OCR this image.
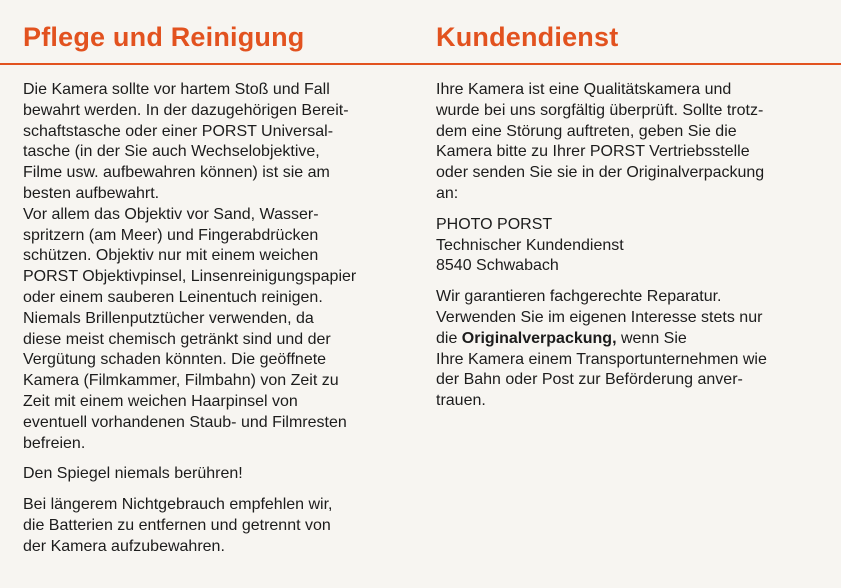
Pflege und Reinigung	Kundendienst

Die Kamera sollte vor hartem Stoß und Fall
bewahrt werden. In der dazugehörigen Bereit-
schaftstasche oder einer PORST Universal-
tasche (in der Sie auch Wechselobjektive,
Filme usw. aufbewahren können) ist sie am
besten aufbewahrt.

Vor allem das Objektiv vor Sand, Wasser-
spritzern (am Meer) und Fingerabdrücken
schützen. Objektiv nur mit einem weichen
PORST Objektivpinsel, Linsenreinigungspapier
oder einem sauberen Leinentuch reinigen.
Niemals Brillenputztücher verwenden, da
diese meist chemisch getränkt sind und der
Vergütung schaden könnten. Die geöffnete
Kamera (Filmkammer, Filmbahn) von Zeit zu
Zeit mit einem weichen Haarpinsel von
eventuell vorhandenen Staub- und Filmresten
befreien.

Den Spiegel niemals berühren!

Bei längerem Nichtgebrauch empfehlen wir,
die Batterien zu entfernen und getrennt von
der Kamera aufzubewahren.

Ihre Kamera ist eine Qualitätskamera und
wurde bei uns sorgfältig überprüft. Sollte trotz-
dem eine Störung auftreten, geben Sie die
Kamera bitte zu Ihrer PORST Vertriebsstelle
oder senden Sie sie in der Originalverpackung
an:

PHOTO PORST
Technischer Kundendienst
8540 Schwabach

Wir garantieren fachgerechte Reparatur.
Verwenden Sie im eigenen Interesse stets nur
die Originalverpackung, wenn Sie
Ihre Kamera einem Transportunternehmen wie
der Bahn oder Post zur Beförderung anver-
trauen.
